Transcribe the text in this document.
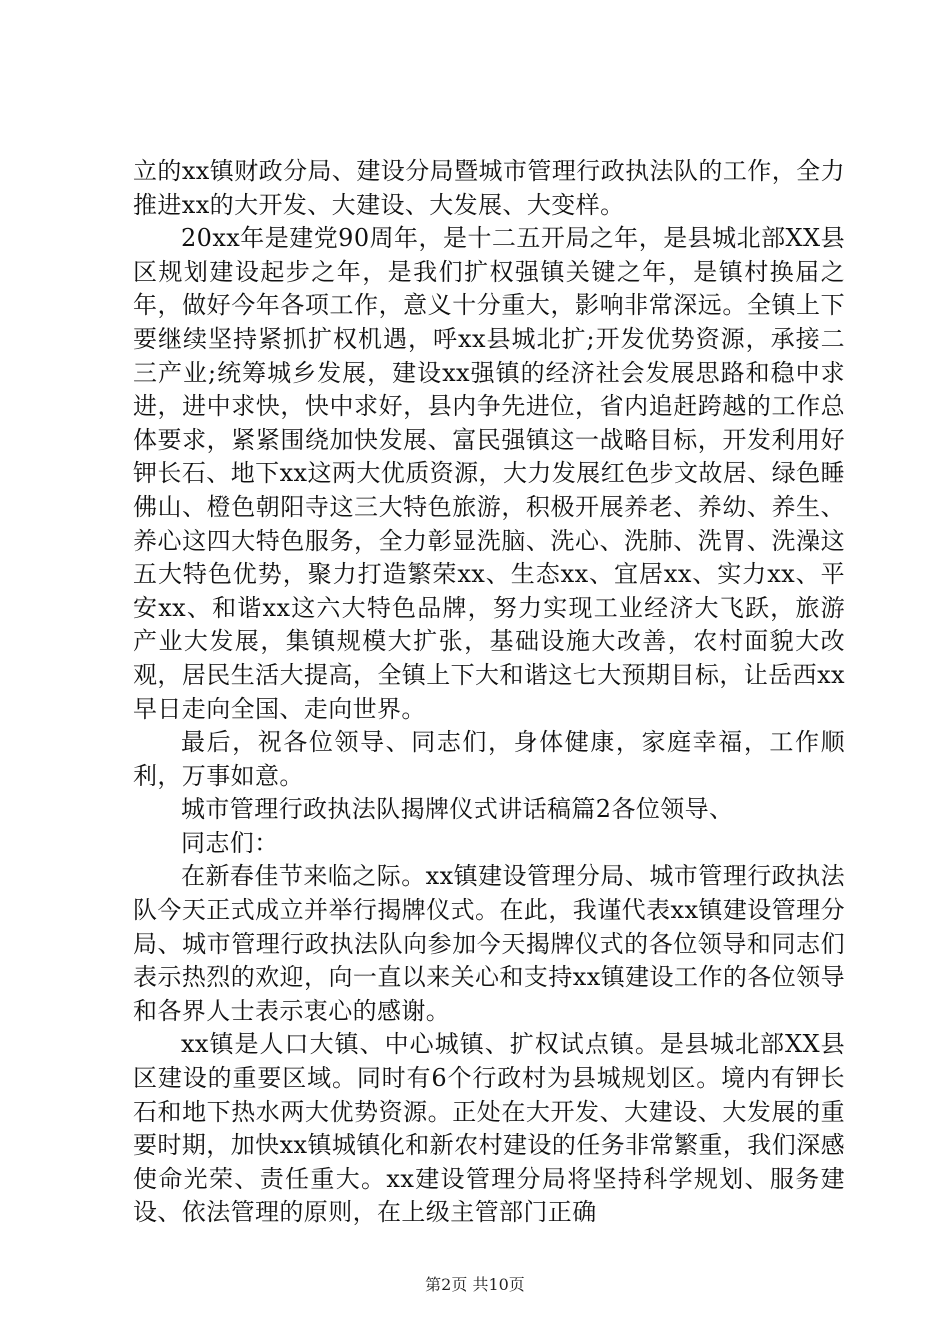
立的xx镇财政分局、建设分局暨城市管理行政执法队的工作，全力推进xx的大开发、大建设、大发展、大变样。

20xx年是建党90周年，是十二五开局之年，是县城北部XX县区规划建设起步之年，是我们扩权强镇关键之年，是镇村换届之年，做好今年各项工作，意义十分重大，影响非常深远。全镇上下要继续坚持紧抓扩权机遇，呼xx县城北扩;开发优势资源，承接二三产业;统筹城乡发展，建设xx强镇的经济社会发展思路和稳中求进，进中求快，快中求好，县内争先进位，省内追赶跨越的工作总体要求，紧紧围绕加快发展、富民强镇这一战略目标，开发利用好钾长石、地下xx这两大优质资源，大力发展红色步文故居、绿色睡佛山、橙色朝阳寺这三大特色旅游，积极开展养老、养幼、养生、养心这四大特色服务，全力彰显洗脑、洗心、洗肺、洗胃、洗澡这五大特色优势，聚力打造繁荣xx、生态xx、宜居xx、实力xx、平安xx、和谐xx这六大特色品牌，努力实现工业经济大飞跃，旅游产业大发展，集镇规模大扩张，基础设施大改善，农村面貌大改观，居民生活大提高，全镇上下大和谐这七大预期目标，让岳西xx早日走向全国、走向世界。

最后，祝各位领导、同志们，身体健康，家庭幸福，工作顺利，万事如意。

城市管理行政执法队揭牌仪式讲话稿篇2各位领导、

同志们：

在新春佳节来临之际。xx镇建设管理分局、城市管理行政执法队今天正式成立并举行揭牌仪式。在此，我谨代表xx镇建设管理分局、城市管理行政执法队向参加今天揭牌仪式的各位领导和同志们表示热烈的欢迎，向一直以来关心和支持xx镇建设工作的各位领导和各界人士表示衷心的感谢。

xx镇是人口大镇、中心城镇、扩权试点镇。是县城北部XX县区建设的重要区域。同时有6个行政村为县城规划区。境内有钾长石和地下热水两大优势资源。正处在大开发、大建设、大发展的重要时期，加快xx镇城镇化和新农村建设的任务非常繁重，我们深感使命光荣、责任重大。xx建设管理分局将坚持科学规划、服务建设、依法管理的原则，在上级主管部门正确

第2页 共10页
